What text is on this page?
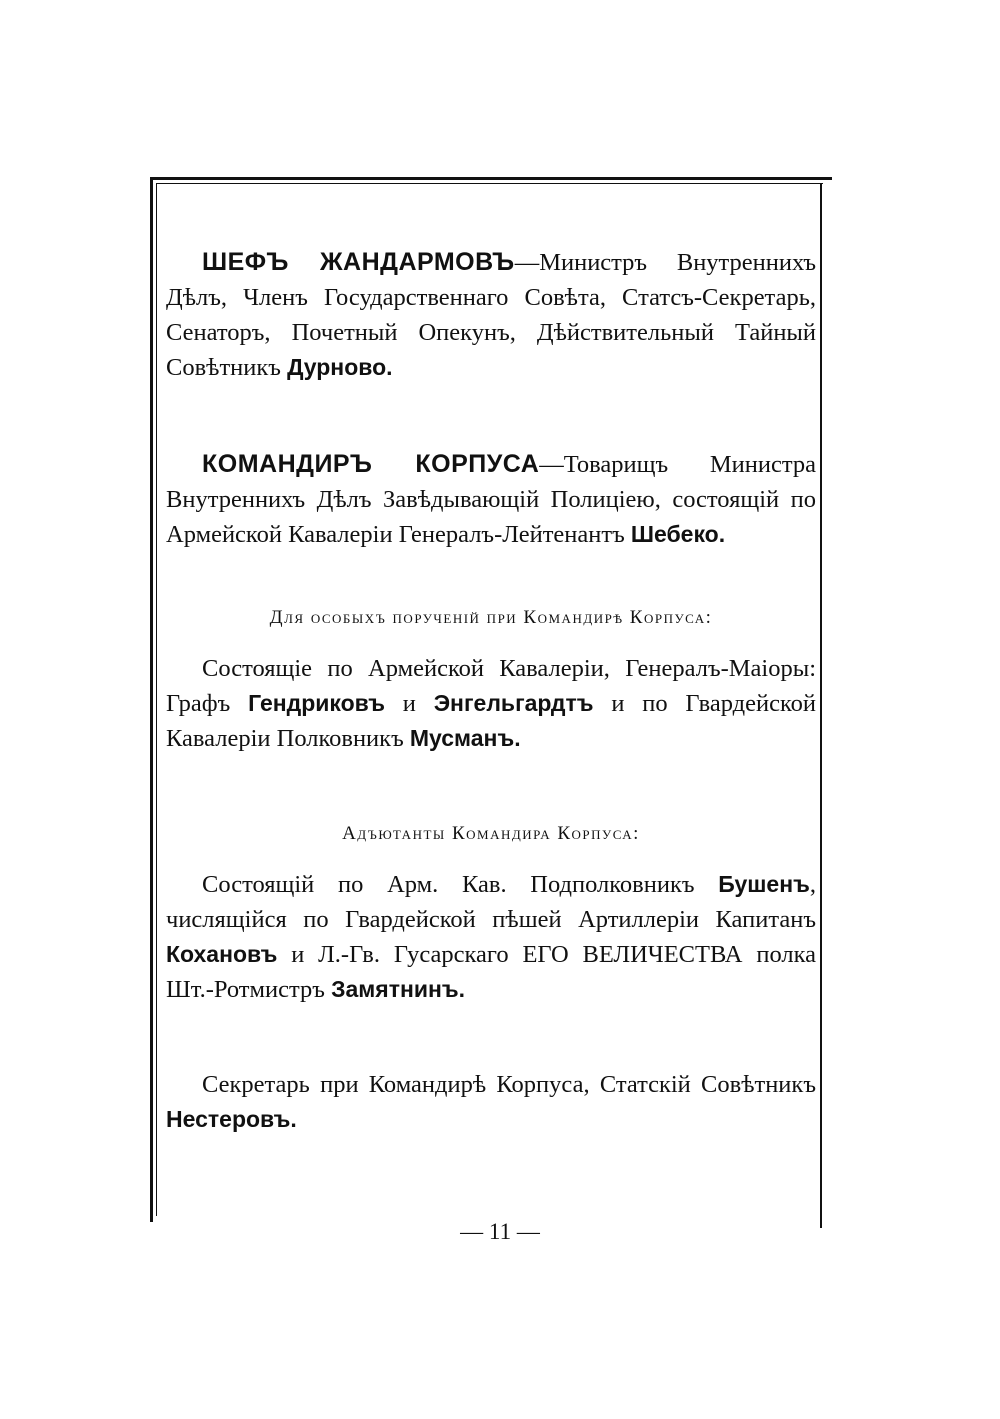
ШЕФЪ ЖАНДАРМОВЪ—Министръ Внутреннихъ Дѣлъ, Членъ Государственнаго Совѣта, Статсъ-Секретарь, Сенаторъ, Почетный Опекунъ, Дѣйствительный Тайный Совѣтникъ Дурново.

КОМАНДИРЪ КОРПУСА—Товарищъ Министра Внутреннихъ Дѣлъ Завѣдывающій Полиціею, состоящій по Армейской Кавалеріи Генералъ-Лейтенантъ Шебеко.

Для особыхъ порученій при Командирѣ Корпуса:

Состоящіе по Армейской Кавалеріи, Генералъ-Маіоры: Графъ Гендриковъ и Энгельгардтъ и по Гвардейской Кавалеріи Полковникъ Мусманъ.

Адъютанты Командира Корпуса:

Состоящій по Арм. Кав. Подполковникъ Бушенъ, числящійся по Гвардейской пѣшей Артиллеріи Капитанъ Кохановъ и Л.-Гв. Гусарскаго ЕГО ВЕЛИЧЕСТВА полка Шт.-Ротмистръ Замятнинъ.

Секретарь при Командирѣ Корпуса, Статскій Совѣтникъ Нестеровъ.

— 11 —
